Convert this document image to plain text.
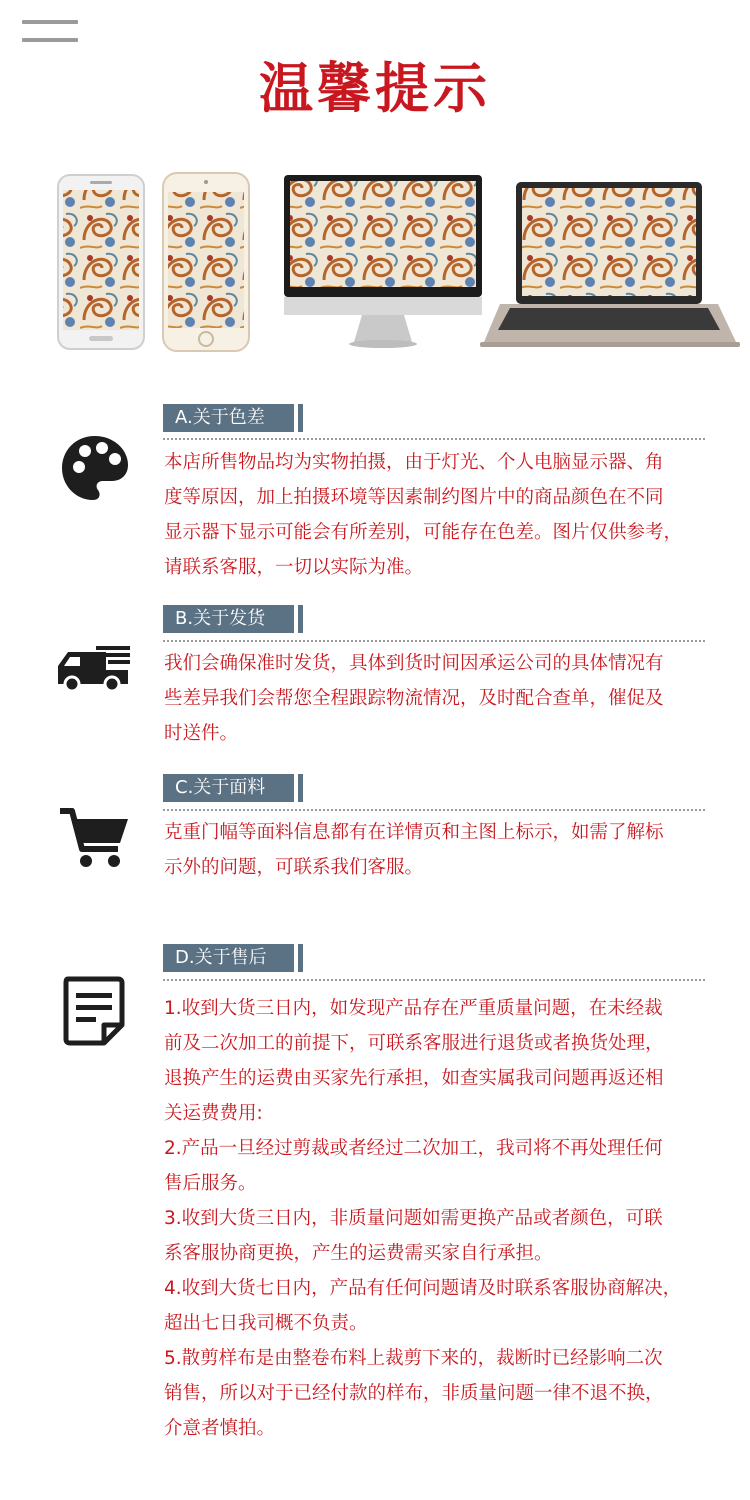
温馨提示
A.关于色差
本店所售物品均为实物拍摄，由于灯光、个人电脑显示器、角
度等原因，加上拍摄环境等因素制约图片中的商品颜色在不同
显示器下显示可能会有所差别，可能存在色差。图片仅供参考，
请联系客服，一切以实际为准。
B.关于发货
我们会确保准时发货，具体到货时间因承运公司的具体情况有
些差异我们会帮您全程跟踪物流情况，及时配合查单，催促及
时送件。
C.关于面料
克重门幅等面料信息都有在详情页和主图上标示，如需了解标
示外的问题，可联系我们客服。
D.关于售后
1.收到大货三日内，如发现产品存在严重质量问题，在未经裁
前及二次加工的前提下，可联系客服进行退货或者换货处理，
退换产生的运费由买家先行承担，如查实属我司问题再返还相
关运费费用:
2.产品一旦经过剪裁或者经过二次加工，我司将不再处理任何
售后服务。
3.收到大货三日内，非质量问题如需更换产品或者颜色，可联
系客服协商更换，产生的运费需买家自行承担。
4.收到大货七日内，产品有任何问题请及时联系客服协商解决，
超出七日我司概不负责。
5.散剪样布是由整卷布料上裁剪下来的，裁断时已经影响二次
销售，所以对于已经付款的样布，非质量问题一律不退不换，
介意者慎拍。
